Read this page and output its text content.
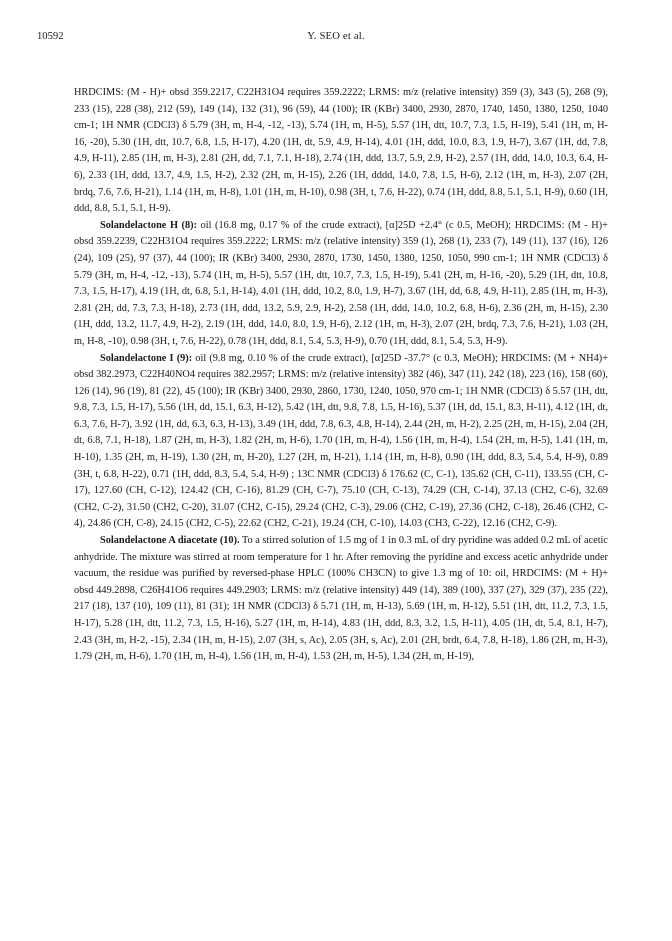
10592	Y. SEO et al.

HRDCIMS: (M - H)+ obsd 359.2217, C22H31O4 requires 359.2222; LRMS: m/z (relative intensity) 359 (3), 343 (5), 268 (9), 233 (15), 228 (38), 212 (59), 149 (14), 132 (31), 96 (59), 44 (100); IR (KBr) 3400, 2930, 2870, 1740, 1450, 1380, 1250, 1040 cm-1; 1H NMR (CDCl3) δ 5.79 (3H, m, H-4, -12, -13), 5.74 (1H, m, H-5), 5.57 (1H, dtt, 10.7, 7.3, 1.5, H-19), 5.41 (1H, m, H-16, -20), 5.30 (1H, dtt, 10.7, 6.8, 1.5, H-17), 4.20 (1H, dt, 5.9, 4.9, H-14), 4.01 (1H, ddd, 10.0, 8.3, 1.9, H-7), 3.67 (1H, dd, 7.8, 4.9, H-11), 2.85 (1H, m, H-3), 2.81 (2H, dd, 7.1, 7.1, H-18), 2.74 (1H, ddd, 13.7, 5.9, 2.9, H-2), 2.57 (1H, ddd, 14.0, 10.3, 6.4, H-6), 2.33 (1H, ddd, 13.7, 4.9, 1.5, H-2), 2.32 (2H, m, H-15), 2.26 (1H, dddd, 14.0, 7.8, 1.5, H-6), 2.12 (1H, m, H-3), 2.07 (2H, brdq, 7.6, 7.6, H-21), 1.14 (1H, m, H-8), 1.01 (1H, m, H-10), 0.98 (3H, t, 7.6, H-22), 0.74 (1H, ddd, 8.8, 5.1, 5.1, H-9), 0.60 (1H, ddd, 8.8, 5.1, 5.1, H-9).

Solandelactone H (8): oil (16.8 mg, 0.17 % of the crude extract), [α]25D +2.4° (c 0.5, MeOH); HRDCIMS: (M - H)+ obsd 359.2239, C22H31O4 requires 359.2222; LRMS: m/z (relative intensity) 359 (1), 268 (1), 233 (7), 149 (11), 137 (16), 126 (24), 109 (25), 97 (37), 44 (100); IR (KBr) 3400, 2930, 2870, 1730, 1450, 1380, 1250, 1050, 990 cm-1; 1H NMR (CDCl3) δ 5.79 (3H, m, H-4, -12, -13), 5.74 (1H, m, H-5), 5.57 (1H, dtt, 10.7, 7.3, 1.5, H-19), 5.41 (2H, m, H-16, -20), 5.29 (1H, dtt, 10.8, 7.3, 1.5, H-17), 4.19 (1H, dt, 6.8, 5.1, H-14), 4.01 (1H, ddd, 10.2, 8.0, 1.9, H-7), 3.67 (1H, dd, 6.8, 4.9, H-11), 2.85 (1H, m, H-3), 2.81 (2H, dd, 7.3, 7.3, H-18), 2.73 (1H, ddd, 13.2, 5.9, 2.9, H-2), 2.58 (1H, ddd, 14.0, 10.2, 6.8, H-6), 2.36 (2H, m, H-15), 2.30 (1H, ddd, 13.2, 11.7, 4.9, H-2), 2.19 (1H, ddd, 14.0, 8.0, 1.9, H-6), 2.12 (1H, m, H-3), 2.07 (2H, brdq, 7.3, 7.6, H-21), 1.03 (2H, m, H-8, -10), 0.98 (3H, t, 7.6, H-22), 0.78 (1H, ddd, 8.1, 5.4, 5.3, H-9), 0.70 (1H, ddd, 8.1, 5.4, 5.3, H-9).

Solandelactone I (9): oil (9.8 mg, 0.10 % of the crude extract), [α]25D -37.7° (c 0.3, MeOH); HRDCIMS: (M + NH4)+ obsd 382.2973, C22H40NO4 requires 382.2957; LRMS: m/z (relative intensity) 382 (46), 347 (11), 242 (18), 223 (16), 158 (60), 126 (14), 96 (19), 81 (22), 45 (100); IR (KBr) 3400, 2930, 2860, 1730, 1240, 1050, 970 cm-1; 1H NMR (CDCl3) δ 5.57 (1H, dtt, 9.8, 7.3, 1.5, H-17), 5.56 (1H, dd, 15.1, 6.3, H-12), 5.42 (1H, dtt, 9.8, 7.8, 1.5, H-16), 5.37 (1H, dd, 15.1, 8.3, H-11), 4.12 (1H, dt, 6.3, 7.6, H-7), 3.92 (1H, dd, 6.3, 6.3, H-13), 3.49 (1H, ddd, 7.8, 6.3, 4.8, H-14), 2.44 (2H, m, H-2), 2.25 (2H, m, H-15), 2.04 (2H, dt, 6.8, 7.1, H-18), 1.87 (2H, m, H-3), 1.82 (2H, m, H-6), 1.70 (1H, m, H-4), 1.56 (1H, m, H-4), 1.54 (2H, m, H-5), 1.41 (1H, m, H-10), 1.35 (2H, m, H-19), 1.30 (2H, m, H-20), 1.27 (2H, m, H-21), 1.14 (1H, m, H-8), 0.90 (1H, ddd, 8.3, 5.4, 5.4, H-9), 0.89 (3H, t, 6.8, H-22), 0.71 (1H, ddd, 8.3, 5.4, 5.4, H-9) ; 13C NMR (CDCl3) δ 176.62 (C, C-1), 135.62 (CH, C-11), 133.55 (CH, C-17), 127.60 (CH, C-12), 124.42 (CH, C-16), 81.29 (CH, C-7), 75.10 (CH, C-13), 74.29 (CH, C-14), 37.13 (CH2, C-6), 32.69 (CH2, C-2), 31.50 (CH2, C-20), 31.07 (CH2, C-15), 29.24 (CH2, C-3), 29.06 (CH2, C-19), 27.36 (CH2, C-18), 26.46 (CH2, C-4), 24.86 (CH, C-8), 24.15 (CH2, C-5), 22.62 (CH2, C-21), 19.24 (CH, C-10), 14.03 (CH3, C-22), 12.16 (CH2, C-9).

Solandelactone A diacetate (10). To a stirred solution of 1.5 mg of 1 in 0.3 mL of dry pyridine was added 0.2 mL of acetic anhydride. The mixture was stirred at room temperature for 1 hr. After removing the pyridine and excess acetic anhydride under vacuum, the residue was purified by reversed-phase HPLC (100% CH3CN) to give 1.3 mg of 10: oil, HRDCIMS: (M + H)+ obsd 449.2898, C26H41O6 requires 449.2903; LRMS: m/z (relative intensity) 449 (14), 389 (100), 337 (27), 329 (37), 235 (22), 217 (18), 137 (10), 109 (11), 81 (31); 1H NMR (CDCl3) δ 5.71 (1H, m, H-13), 5.69 (1H, m, H-12), 5.51 (1H, dtt, 11.2, 7.3, 1.5, H-17), 5.28 (1H, dtt, 11.2, 7.3, 1.5, H-16), 5.27 (1H, m, H-14), 4.83 (1H, ddd, 8.3, 3.2, 1.5, H-11), 4.05 (1H, dt, 5.4, 8.1, H-7), 2.43 (3H, m, H-2, -15), 2.34 (1H, m, H-15), 2.07 (3H, s, Ac), 2.05 (3H, s, Ac), 2.01 (2H, brdt, 6.4, 7.8, H-18), 1.86 (2H, m, H-3), 1.79 (2H, m, H-6), 1.70 (1H, m, H-4), 1.56 (1H, m, H-4), 1.53 (2H, m, H-5), 1.34 (2H, m, H-19),
